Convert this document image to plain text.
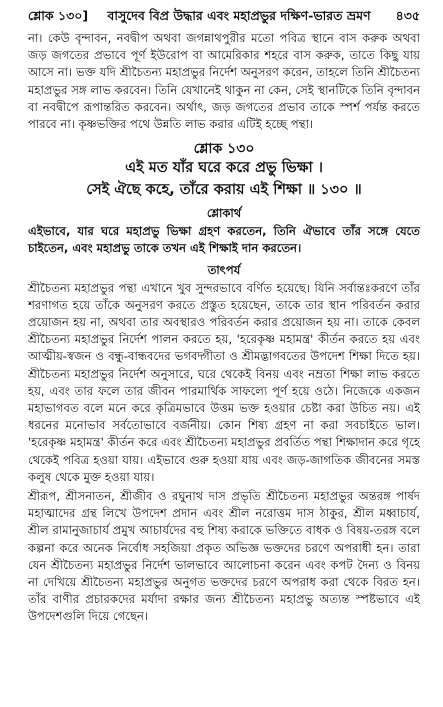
শ্লোক ১৩০]	বাসুদেব বিপ্র উদ্ধার এবং মহাপ্রভুর দক্ষিণ-ভারত ভ্রমণ	৪৩৫

না। কেউ বৃন্দাবন, নবদ্বীপ অথবা জগন্নাথপুরীর মতো পবিত্র স্থানে বাস করুক অথবা জড় জগতের প্রভাবে পূর্ণ ইউরোপ বা আমেরিকার শহরে বাস করুক, তাতে কিছু যায় আসে না। ভক্ত যদি শ্রীচৈতন্য মহাপ্রভুর নির্দেশ অনুসরণ করেন, তাহলে তিনি শ্রীচৈতন্য মহাপ্রভুর সঙ্গ লাভ করবেন। তিনি যেখানেই থাকুন না কেন, সেই স্থানটিকে তিনি বৃন্দাবন বা নবদ্বীপে রূপান্তরিত করবেন। অর্থাৎ, জড় জগতের প্রভাব তাকে স্পর্শ পর্যন্ত করতে পারবে না। কৃষ্ণভক্তির পথে উন্নতি লাভ করার এটিই হচ্ছে পন্থা।

শ্লোক ১৩০
এই মত যাঁর ঘরে করে প্রভু ভিক্ষা ।
সেই ঐছে কহে, তাঁরে করায় এই শিক্ষা ॥ ১৩০ ॥
শ্লোকার্থ

এইভাবে, যার ঘরে মহাপ্রভু ভিক্ষা গ্রহণ করতেন, তিনি ঐভাবে তাঁর সঙ্গে যেতে চাইতেন, এবং মহাপ্রভু তাকে তখন এই শিক্ষাই দান করতেন।

তাৎপর্য

শ্রীচৈতন্য মহাপ্রভুর পন্থা এখানে খুব সুন্দরভাবে বর্ণিত হয়েছে। যিনি সর্বান্তঃকরণে তাঁর শরণাগত হয়ে তাঁকে অনুসরণ করতে প্রস্তুত হয়েছেন, তাকে তার স্থান পরিবর্তন করার প্রয়োজন হয় না, অথবা তার অবস্থারও পরিবর্তন করার প্রয়োজন হয় না। তাকে কেবল শ্রীচৈতন্য মহাপ্রভুর নির্দেশ পালন করতে হয়, 'হরেকৃষ্ণ মহামন্ত্র' কীর্তন করতে হয় এবং আত্মীয়-স্বজন ও বন্ধু-বান্ধবদের ভগবদ্গীতা ও শ্রীমদ্ভাগবতের উপদেশ শিক্ষা দিতে হয়। শ্রীচৈতন্য মহাপ্রভুর নির্দেশ অনুসারে, ঘরে থেকেই বিনয় এবং নম্রতা শিক্ষা লাভ করতে হয়, এবং তার ফলে তার জীবন পারমার্থিক সাফল্যে পূর্ণ হয়ে ওঠে। নিজেকে একজন মহাভাগবত বলে মনে করে কৃত্রিমভাবে উত্তম ভক্ত হওয়ার চেষ্টা করা উচিত নয়। এই ধরনের মনোভাব সর্বতোভাবে বর্জনীয়। কোন শিষ্য গ্রহণ না করা সবচাইতে ভাল। 'হরেকৃষ্ণ মহামন্ত্র' কীর্তন করে এবং শ্রীচৈতন্য মহাপ্রভুর প্রবর্তিত পন্থা শিক্ষাদান করে গৃহে থেকেই পবিত্র হওয়া যায়। এইভাবে গুরু হওয়া যায় এবং জড়-জাগতিক জীবনের সমস্ত কলুষ থেকে মুক্ত হওয়া যায়।

শ্রীরূপ, শ্রীসনাতন, শ্রীজীব ও রঘুনাথ দাস প্রভৃতি শ্রীচৈতন্য মহাপ্রভুর অন্তরঙ্গ পার্ষদ মহাত্মাদের গ্রন্থ লিখে উপদেশ প্রদান এবং শ্রীল নরোত্তম দাস ঠাকুর, শ্রীল মধ্বাচার্য, শ্রীল রামানুজাচার্য প্রমুখ আচার্যদের বহু শিষ্য করাকে ভক্তিতে বাধক ও বিষয়-তরঙ্গ বলে কল্পনা করে অনেক নির্বোধ সহজিয়া প্রকৃত অভিজ্ঞ ভক্তদের চরণে অপরাধী হন। তারা যেন শ্রীচৈতন্য মহাপ্রভুর নির্দেশ ভালভাবে আলোচনা করেন এবং কপট দৈন্য ও বিনয় না দেখিয়ে শ্রীচৈতন্য মহাপ্রভুর অনুগত ভক্তদের চরণে অপরাধ করা থেকে বিরত হন। তাঁর বাণীর প্রচারকদের মর্যাদা রক্ষার জন্য শ্রীচৈতন্য মহাপ্রভু অত্যন্ত স্পষ্টভাবে এই উপদেশগুলি দিয়ে গেছেন।
